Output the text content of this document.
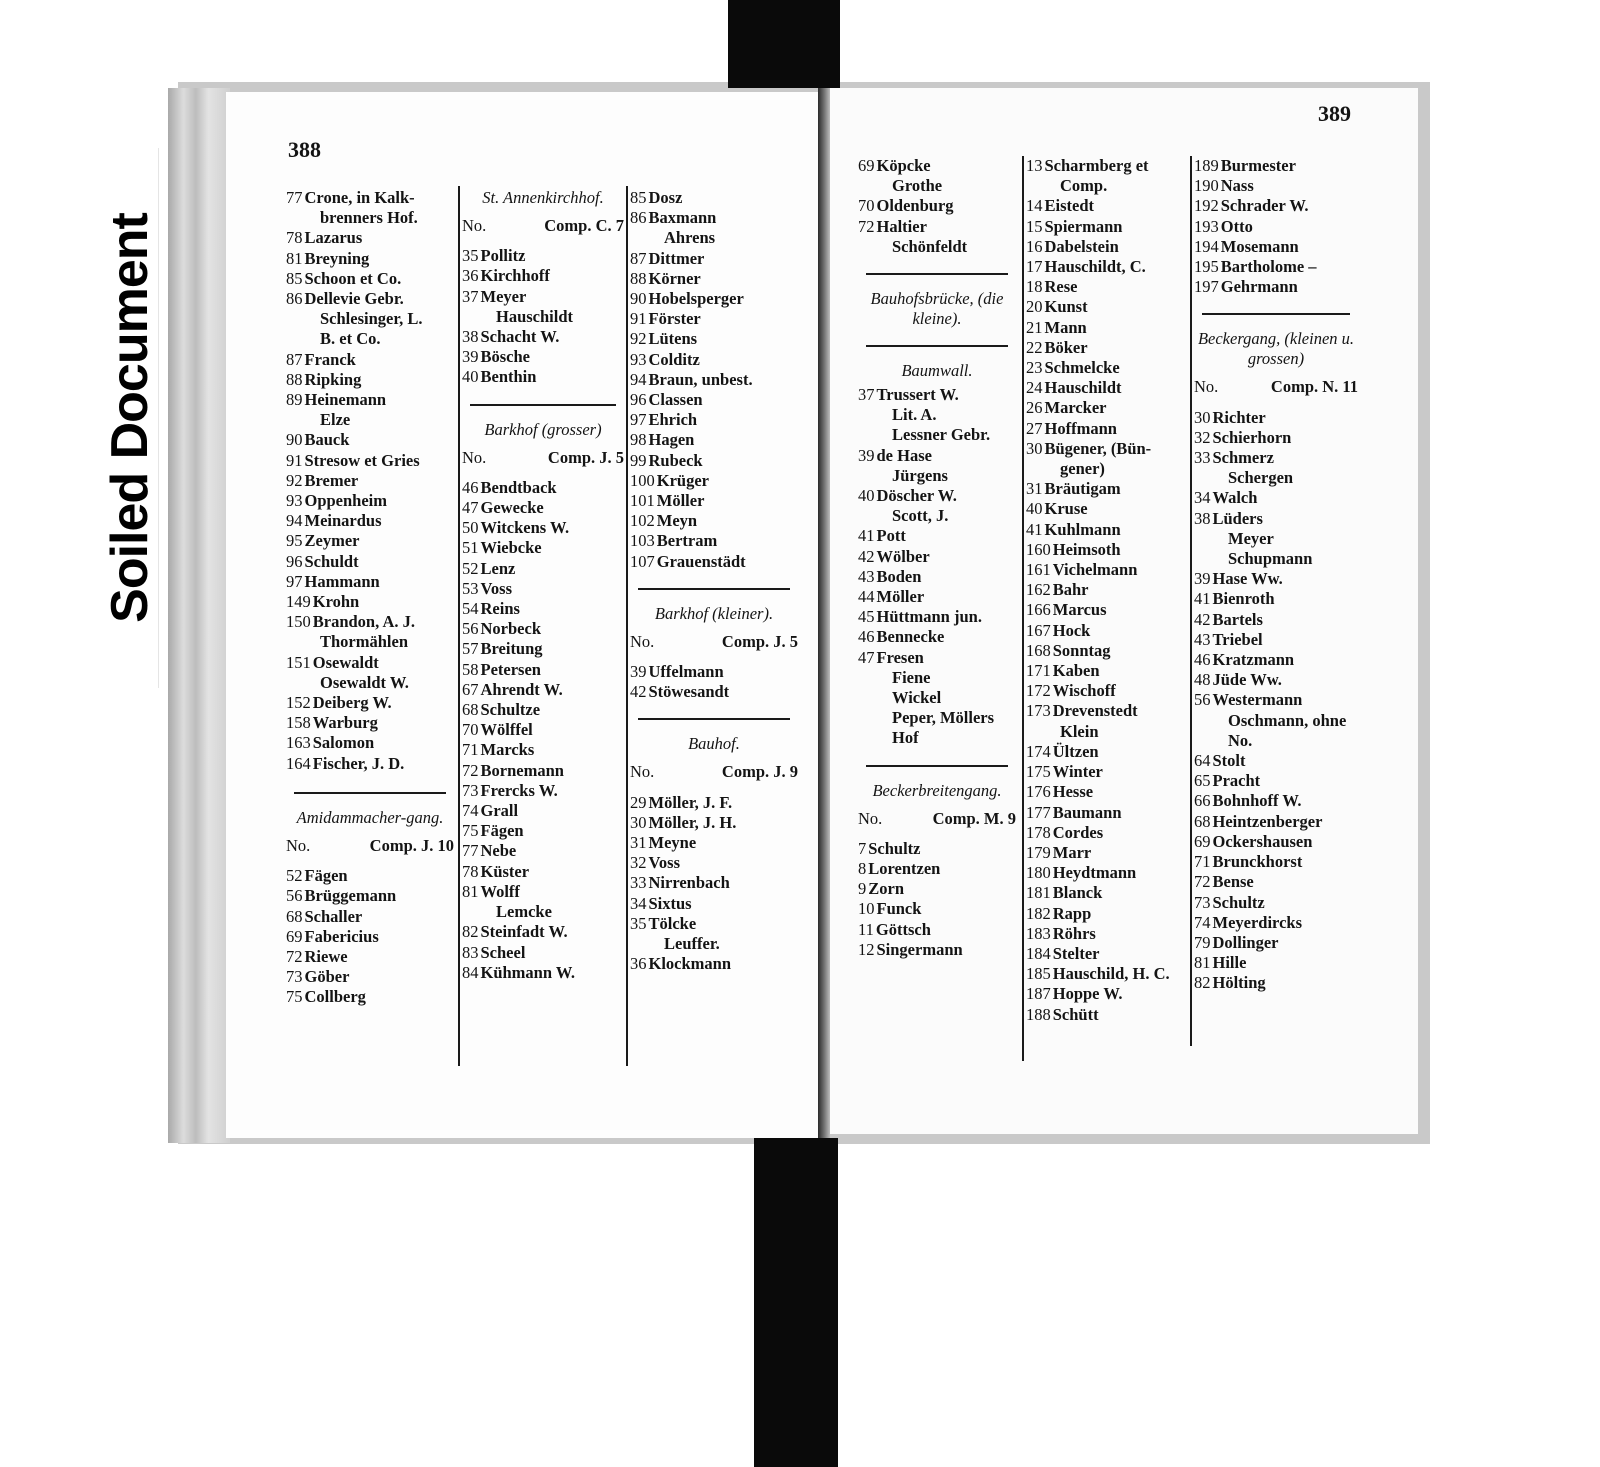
Soiled Document
388
77 Crone, in Kalk-
brenners Hof.
78 Lazarus
81 Breyning
85 Schoon et Co.
86 Dellevie Gebr.
Schlesinger, L.
B. et Co.
87 Franck
88 Ripking
89 Heinemann
Elze
90 Bauck
91 Stresow et Gries
92 Bremer
93 Oppenheim
94 Meinardus
95 Zeymer
96 Schuldt
97 Hammann
149 Krohn
150 Brandon, A. J.
Thormählen
151 Osewaldt
Osewaldt W.
152 Deiberg W.
158 Warburg
163 Salomon
164 Fischer, J. D.
Amidammacher-gang.
No.	Comp. J. 10
52 Fägen
56 Brüggemann
68 Schaller
69 Fabericius
72 Riewe
73 Göber
75 Collberg
St. Annenkirchhof.
No.	Comp. C. 7
35 Pollitz
36 Kirchhoff
37 Meyer
Hauschildt
38 Schacht W.
39 Bösche
40 Benthin
Barkhof (grosser)
No.	Comp. J. 5
46 Bendtback
47 Gewecke
50 Witckens W.
51 Wiebcke
52 Lenz
53 Voss
54 Reins
56 Norbeck
57 Breitung
58 Petersen
67 Ahrendt W.
68 Schultze
70 Wölffel
71 Marcks
72 Bornemann
73 Frercks W.
74 Grall
75 Fägen
77 Nebe
78 Küster
81 Wolff
Lemcke
82 Steinfadt W.
83 Scheel
84 Kühmann W.
85 Dosz
86 Baxmann
Ahrens
87 Dittmer
88 Körner
90 Hobelsperger
91 Förster
92 Lütens
93 Colditz
94 Braun, unbest.
96 Classen
97 Ehrich
98 Hagen
99 Rubeck
100 Krüger
101 Möller
102 Meyn
103 Bertram
107 Grauenstädt
Barkhof (kleiner).
No.	Comp. J. 5
39 Uffelmann
42 Stöwesandt
Bauhof.
No.	Comp. J. 9
29 Möller, J. F.
30 Möller, J. H.
31 Meyne
32 Voss
33 Nirrenbach
34 Sixtus
35 Tölcke
Leuffer.
36 Klockmann
389
69 Köpcke
Grothe
70 Oldenburg
72 Haltier
Schönfeldt
Bauhofsbrücke, (die kleine).
Baumwall.
37 Trussert W.
Lit. A.
Lessner Gebr.
39 de Hase
Jürgens
40 Döscher W.
Scott, J.
41 Pott
42 Wölber
43 Boden
44 Möller
45 Hüttmann jun.
46 Bennecke
47 Fresen
Fiene
Wickel
Peper, Möllers
Hof
Beckerbreitengang.
No.	Comp. M. 9
7 Schultz
8 Lorentzen
9 Zorn
10 Funck
11 Göttsch
12 Singermann
13 Scharmberg et
Comp.
14 Eistedt
15 Spiermann
16 Dabelstein
17 Hauschildt, C.
18 Rese
20 Kunst
21 Mann
22 Böker
23 Schmelcke
24 Hauschildt
26 Marcker
27 Hoffmann
30 Bügener, (Bün-
gener)
31 Bräutigam
40 Kruse
41 Kuhlmann
160 Heimsoth
161 Vichelmann
162 Bahr
166 Marcus
167 Hock
168 Sonntag
171 Kaben
172 Wischoff
173 Drevenstedt
Klein
174 Ültzen
175 Winter
176 Hesse
177 Baumann
178 Cordes
179 Marr
180 Heydtmann
181 Blanck
182 Rapp
183 Röhrs
184 Stelter
185 Hauschild, H. C.
187 Hoppe W.
188 Schütt
189 Burmester
190 Nass
192 Schrader W.
193 Otto
194 Mosemann
195 Bartholome –
197 Gehrmann
Beckergang, (kleinen u. grossen)
No.	Comp. N. 11
30 Richter
32 Schierhorn
33 Schmerz
Schergen
34 Walch
38 Lüders
Meyer
Schupmann
39 Hase Ww.
41 Bienroth
42 Bartels
43 Triebel
46 Kratzmann
48 Jüde Ww.
56 Westermann
Oschmann, ohne
No.
64 Stolt
65 Pracht
66 Bohnhoff W.
68 Heintzenberger
69 Ockershausen
71 Brunckhorst
72 Bense
73 Schultz
74 Meyerdircks
79 Dollinger
81 Hille
82 Hölting
